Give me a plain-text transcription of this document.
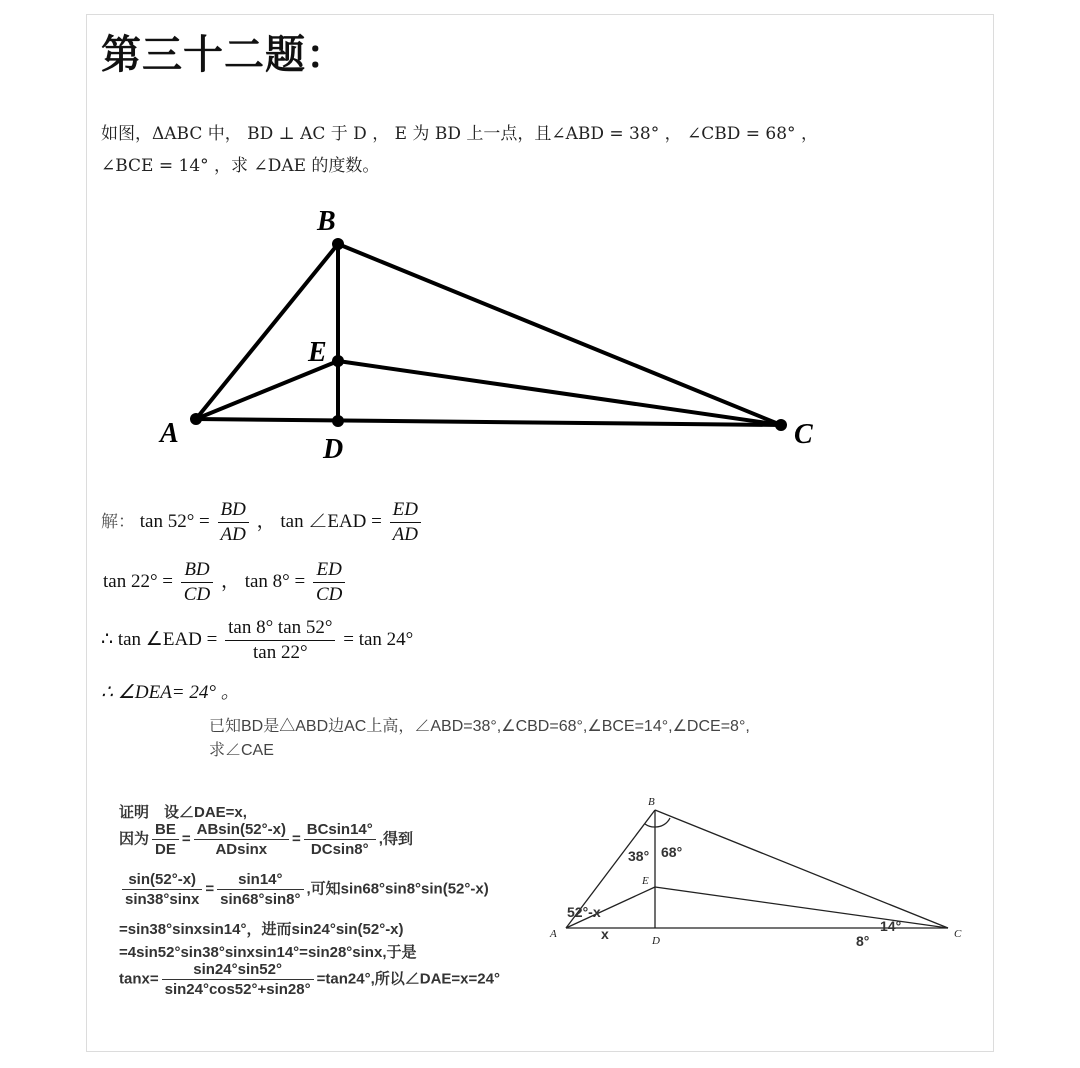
第三十二题：
如图，ΔABC 中， BD ⊥ AC 于 D ， E 为 BD 上一点，且∠ABD = 38° ， ∠CBD = 68° ，
∠BCE = 14° ，求 ∠DAE 的度数。
A
B
C
D
E
解： $\tan 52^\circ = \frac{BD}{AD}$ ， tan ∠EAD = $\frac{ED}{AD}$
$\tan 22^\circ = \frac{BD}{CD}$ ， $\tan 8^\circ = \frac{ED}{CD}$
∴ tan ∠EAD = $\frac{\tan 8^\circ \tan 52^\circ}{\tan 22^\circ} = \tan 24^\circ$
∴ ∠DEA= 24° 。
已知BD是△ABD边AC上高，∠ABD=38°,∠CBD=68°,∠BCE=14°,∠DCE=8°,
求∠CAE
证明　设∠DAE=x,
因为 $\frac{BE}{DE} = \frac{ABsin(52^\circ-x)}{ADsinx} = \frac{BCsin14^\circ}{DCsin8^\circ}$ ,得到
$\frac{\sin(52^\circ-x)}{\sin 38^\circ\sin x} = \frac{\sin 14^\circ}{\sin 68^\circ\sin 8^\circ}$ ,可知sin68°sin8°sin(52°-x)
=sin38°sinxsin14°，进而sin24°sin(52°-x)
=4sin52°sin38°sinxsin14°=sin28°sinx,于是
$\tan x= \frac{\sin 24^\circ\sin 52^\circ}{\sin 24^\circ\cos 52^\circ+\sin 28^\circ} =\tan 24^\circ$,所以∠DAE=x=24°
A
B
C
D
E
38° 68°
52°-x
x	14°
8°
